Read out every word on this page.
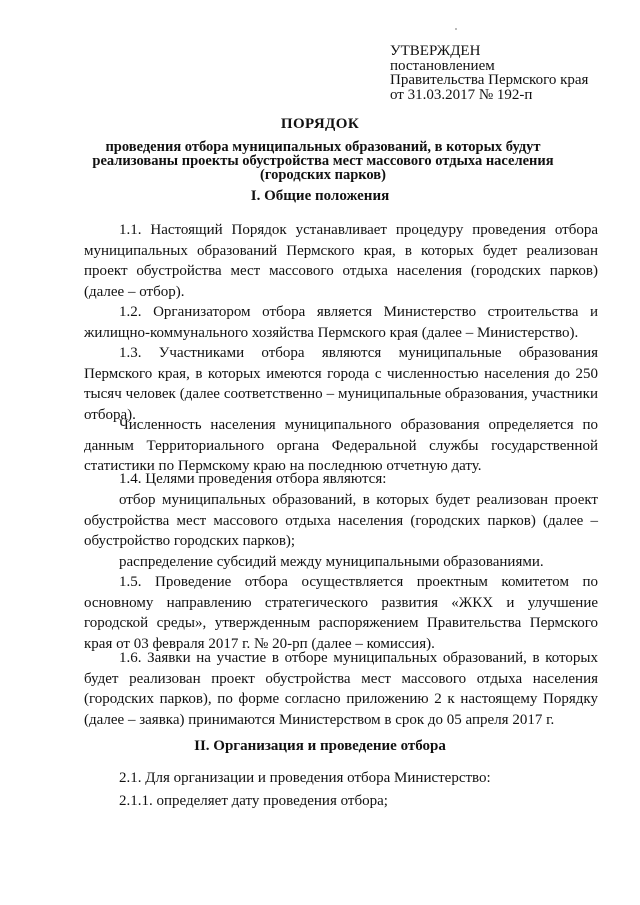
УТВЕРЖДЕН
постановлением
Правительства Пермского края
от 31.03.2017 № 192-п
ПОРЯДОК
проведения отбора муниципальных образований, в которых будут
реализованы проекты обустройства мест массового отдыха населения
(городских парков)
I. Общие положения
1.1. Настоящий Порядок устанавливает процедуру проведения отбора муниципальных образований Пермского края, в которых будет реализован проект обустройства мест массового отдыха населения (городских парков) (далее – отбор).
1.2. Организатором отбора является Министерство строительства и жилищно-коммунального хозяйства Пермского края (далее – Министерство).
1.3. Участниками отбора являются муниципальные образования Пермского края, в которых имеются города с численностью населения до 250 тысяч человек (далее соответственно – муниципальные образования, участники отбора).
Численность населения муниципального образования определяется по данным Территориального органа Федеральной службы государственной статистики по Пермскому краю на последнюю отчетную дату.
1.4. Целями проведения отбора являются:
отбор муниципальных образований, в которых будет реализован проект обустройства мест массового отдыха населения (городских парков) (далее – обустройство городских парков);
распределение субсидий между муниципальными образованиями.
1.5. Проведение отбора осуществляется проектным комитетом по основному направлению стратегического развития «ЖКХ и улучшение городской среды», утвержденным распоряжением Правительства Пермского края от 03 февраля 2017 г. № 20-рп (далее – комиссия).
1.6. Заявки на участие в отборе муниципальных образований, в которых будет реализован проект обустройства мест массового отдыха населения (городских парков), по форме согласно приложению 2 к настоящему Порядку (далее – заявка) принимаются Министерством в срок до 05 апреля 2017 г.
II. Организация и проведение отбора
2.1. Для организации и проведения отбора Министерство:
2.1.1. определяет дату проведения отбора;
